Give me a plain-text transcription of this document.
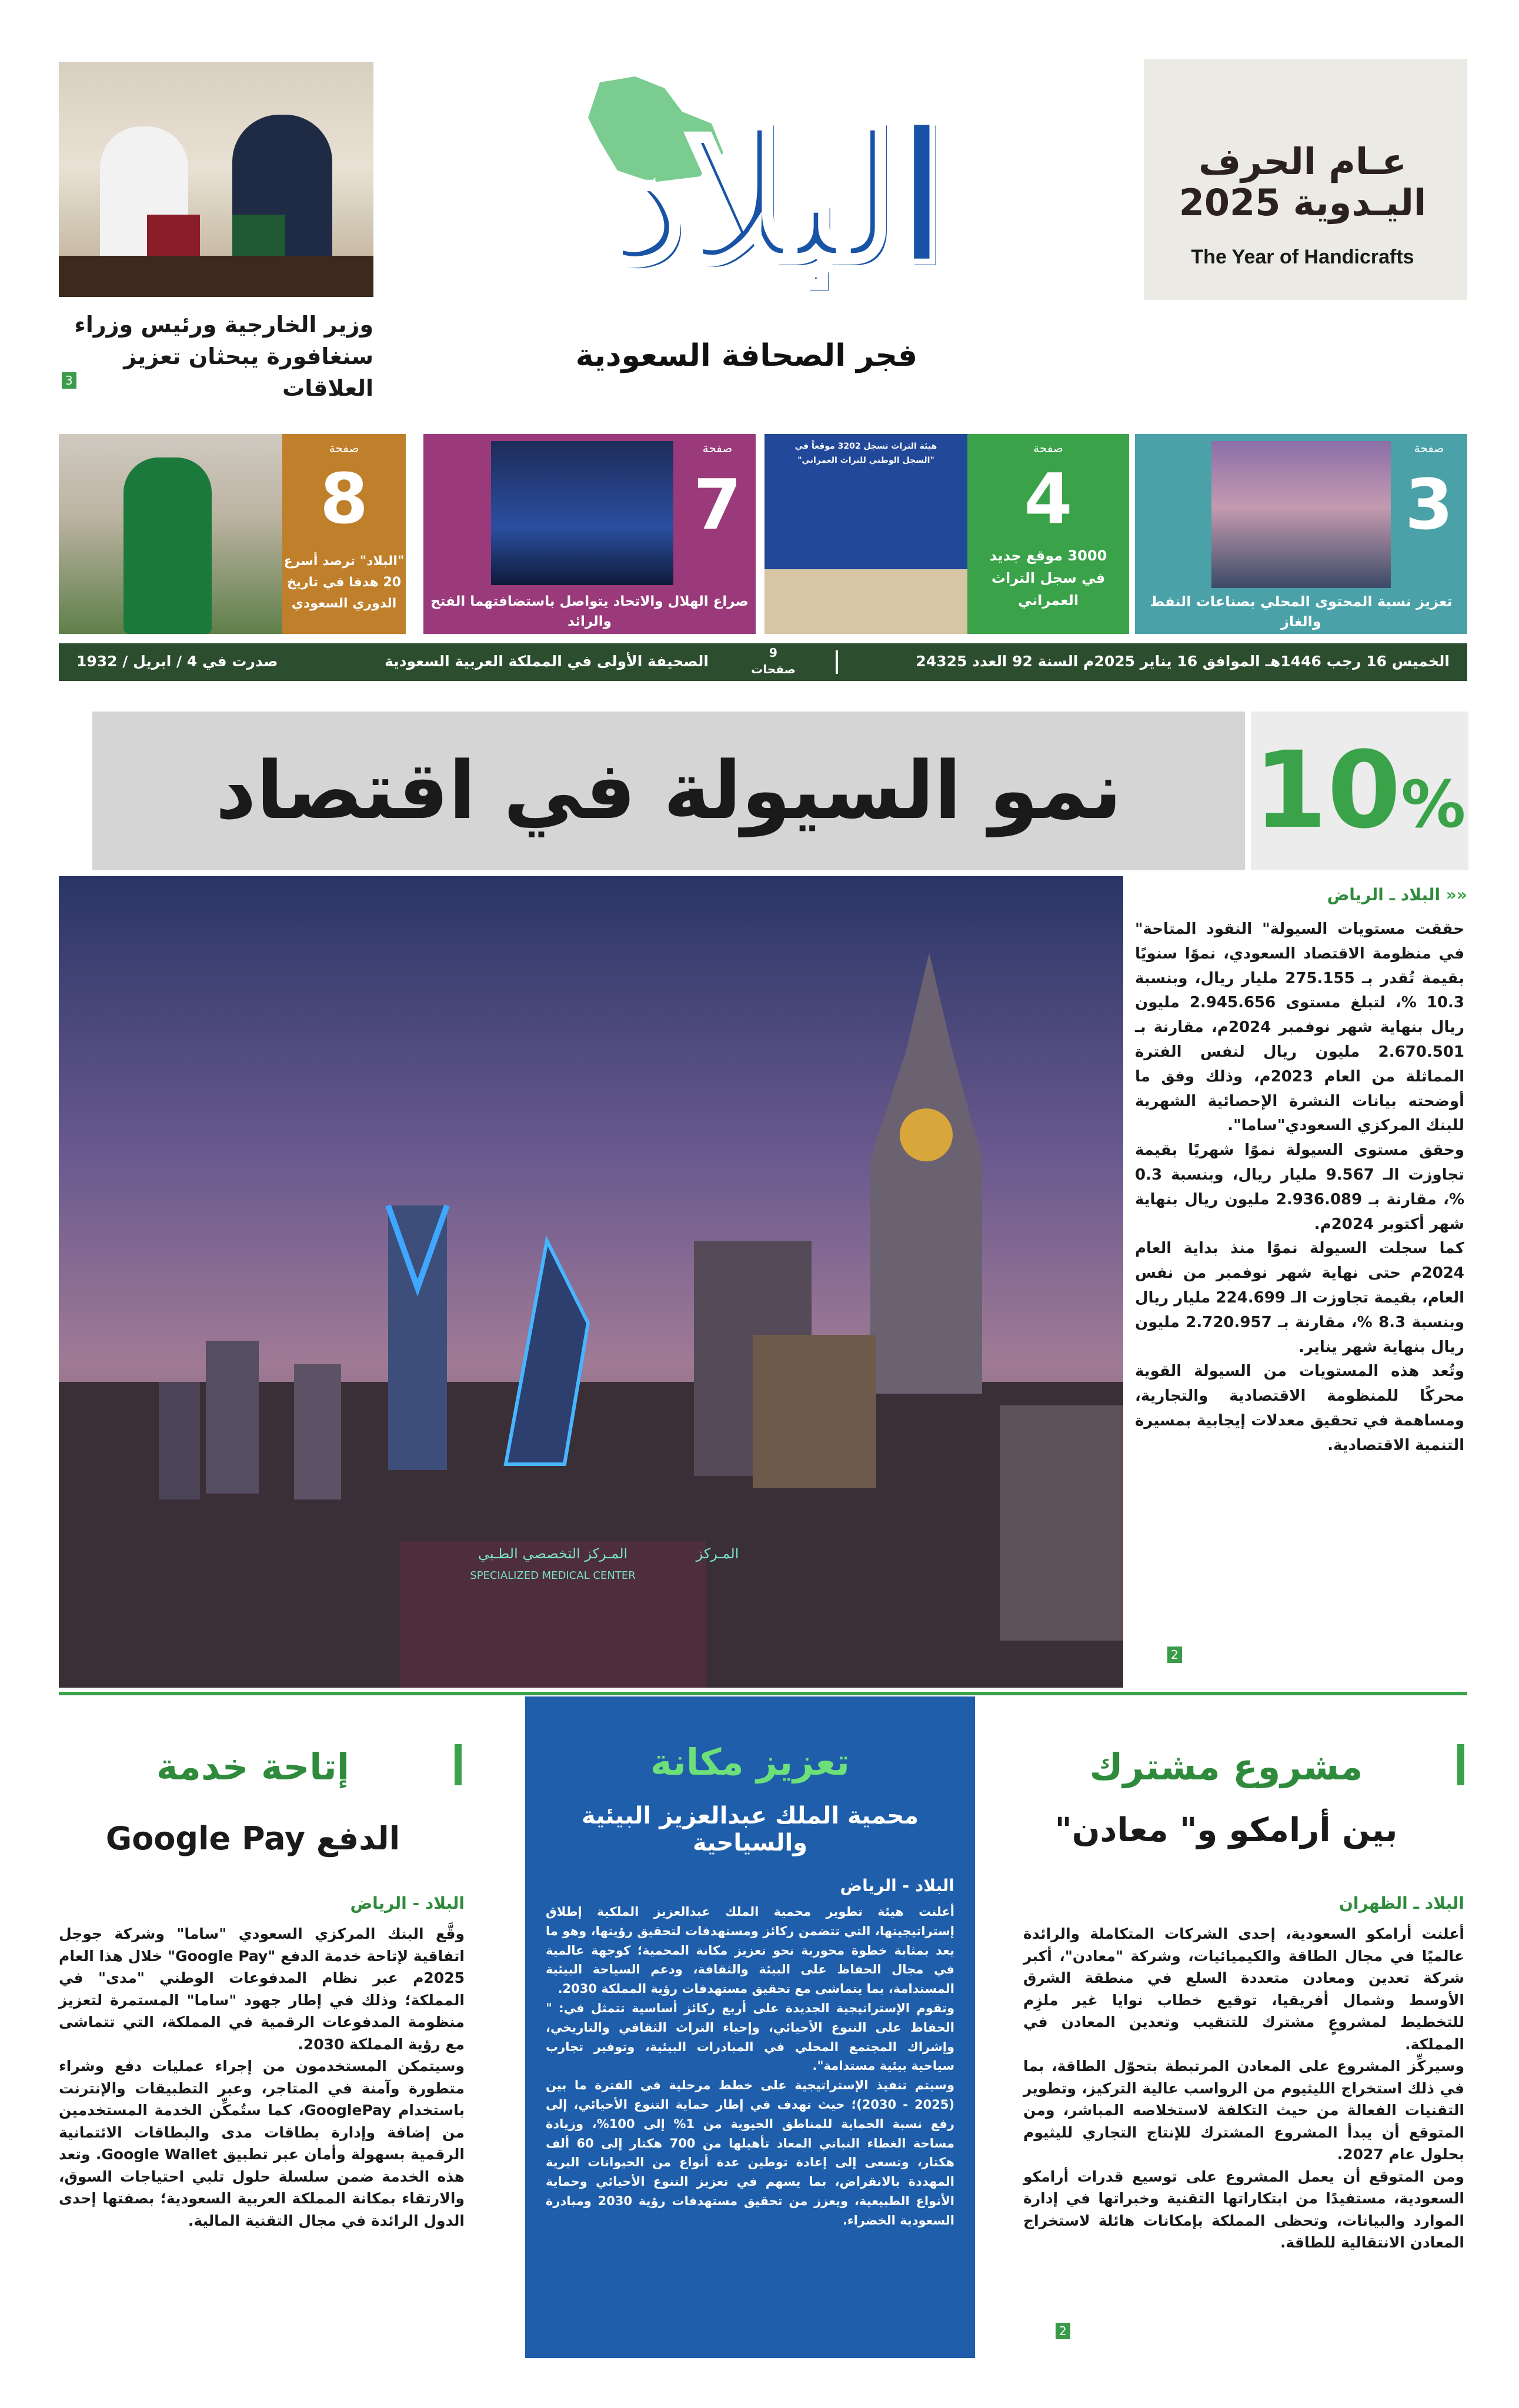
وزير الخارجية ورئيس وزراء
سنغافورة يبحثان تعزيز العلاقات
3
البلاد
فجر الصحافة السعودية
عـام الحرف
اليـدوية 2025
The Year of Handicrafts
صفحة
3
تعزيز نسبة المحتوى المحلي بصناعات النفط والغاز
هيئة التراث تسجل 3202 موقعاً في
"السجل الوطني للتراث العمراني"
صفحة
4
3000 موقع جديد
في سجل التراث
العمراني
صفحة
7
صراع الهلال والاتحاد يتواصل باستضافتهما الفتح والرائد
صفحة
8
"البلاد" ترصد أسرع
20 هدفا في تاريخ
الدوري السعودي
الخميس 16 رجب 1446هـ الموافق 16 يناير 2025م السنة 92 العدد 24325
9
صفحات
الصحيفة الأولى في المملكة العربية السعودية
صدرت في 4 / ابريل / 1932
نمو السيولة في اقتصاد	10%
المـركز التخصصي الطـبي
SPECIALIZED MEDICAL CENTER
المـركز
«« البلاد ـ الرياض

حققت مستويات السيولة" النقود المتاحة" في منظومة الاقتصاد السعودي، نموًا سنويًا بقيمة تُقدر بـ 275.155 مليار ريال، وبنسبة 10.3 %، لتبلغ مستوى 2.945.656 مليون ريال بنهاية شهر نوفمبر 2024م، مقارنة بـ 2.670.501 مليون ريال لنفس الفترة المماثلة من العام 2023م، وذلك وفق ما أوضحته بيانات النشرة الإحصائية الشهرية للبنك المركزي السعودي"ساما".

وحقق مستوى السيولة نموًا شهريًا بقيمة تجاوزت الـ 9.567 مليار ريال، وبنسبة 0.3 %، مقارنة بـ 2.936.089 مليون ريال بنهاية شهر أكتوبر 2024م.

كما سجلت السيولة نموًا منذ بداية العام 2024م حتى نهاية شهر نوفمبر من نفس العام، بقيمة تجاوزت الـ 224.699 مليار ريال وبنسبة 8.3 %، مقارنة بـ 2.720.957 مليون ريال بنهاية شهر يناير.

وتُعد هذه المستويات من السيولة القوية محركًا للمنظومة الاقتصادية والتجارية، ومساهمة في تحقيق معدلات إيجابية بمسيرة التنمية الاقتصادية.

2
مشروع مشترك
بين أرامكو و" معادن"
البلاد ـ الظهران

أعلنت أرامكو السعودية، إحدى الشركات المتكاملة والرائدة عالميًا في مجال الطاقة والكيميائيات، وشركة "معادن"، أكبر شركة تعدين ومعادن متعددة السلع في منطقة الشرق الأوسط وشمال أفريقيا، توقيع خطاب نوايا غير ملزِم للتخطيط لمشروعٍ مشترك للتنقيب وتعدين المعادن في المملكة.

وسيركِّز المشروع على المعادن المرتبطة بتحوّل الطاقة، بما في ذلك استخراج الليثيوم من الرواسب عالية التركيز، وتطوير التقنيات الفعالة من حيث التكلفة لاستخلاصه المباشر، ومن المتوقع أن يبدأ المشروع المشترك للإنتاج التجاري لليثيوم بحلول عام 2027.

ومن المتوقع أن يعمل المشروع على توسيع قدرات أرامكو السعودية، مستفيدًا من ابتكاراتها التقنية وخبراتها في إدارة الموارد والبيانات، وتحظى المملكة بإمكانات هائلة لاستخراج المعادن الانتقالية للطاقة.

2
تعزيز مكانة
محمية الملك عبدالعزيز البيئية والسياحية
البلاد - الرياض

أعلنت هيئة تطوير محمية الملك عبدالعزيز الملكية إطلاق إستراتيجيتها، التي تتضمن ركائز ومستهدفات لتحقيق رؤيتها، وهو ما يعد بمثابة خطوة محورية نحو تعزيز مكانة المحمية؛ كوجهة عالمية في مجال الحفاظ على البيئة والثقافة، ودعم السياحة البيئية المستدامة، بما يتماشى مع تحقيق مستهدفات رؤية المملكة 2030.

وتقوم الإستراتيجية الجديدة على أربع ركائز أساسية تتمثل في: " الحفاظ على التنوع الأحيائي، وإحياء التراث الثقافي والتاريخي، وإشراك المجتمع المحلي في المبادرات البيئية، وتوفير تجارب سياحية بيئية مستدامة".

وسيتم تنفيذ الإستراتيجية على خطط مرحلية في الفترة ما بين (2025 - 2030)؛ حيث تهدف في إطار حماية التنوع الأحيائي، إلى رفع نسبة الحماية للمناطق الحيوية من 1% إلى 100%، وزيادة مساحة الغطاء النباتي المعاد تأهيلها من 700 هكتار إلى 60 ألف هكتار، وتسعى إلى إعادة توطين عدة أنواع من الحيوانات البرية المهددة بالانقراض، بما يسهم في تعزيز التنوع الأحيائي وحماية الأنواع الطبيعية، ويعزز من تحقيق مستهدفات رؤية 2030 ومبادرة السعودية الخضراء.

إتاحة خدمة
الدفع Google Pay
البلاد - الرياض

وقَّع البنك المركزي السعودي "ساما" وشركة جوجل اتفاقية لإتاحة خدمة الدفع "Google Pay" خلال هذا العام 2025م عبر نظام المدفوعات الوطني "مدى" في المملكة؛ وذلك في إطار جهود "ساما" المستمرة لتعزيز منظومة المدفوعات الرقمية في المملكة، التي تتماشى مع رؤية المملكة 2030.

وسيتمكن المستخدمون من إجراء عمليات دفع وشراء متطورة وآمنة في المتاجر، وعبر التطبيقات والإنترنت باستخدام GooglePay، كما ستُمكِّن الخدمة المستخدمين من إضافة وإدارة بطاقات مدى والبطاقات الائتمانية الرقمية بسهولة وأمان عبر تطبيق Google Wallet. وتعد هذه الخدمة ضمن سلسلة حلول تلبي احتياجات السوق، والارتقاء بمكانة المملكة العربية السعودية؛ بصفتها إحدى الدول الرائدة في مجال التقنية المالية.
